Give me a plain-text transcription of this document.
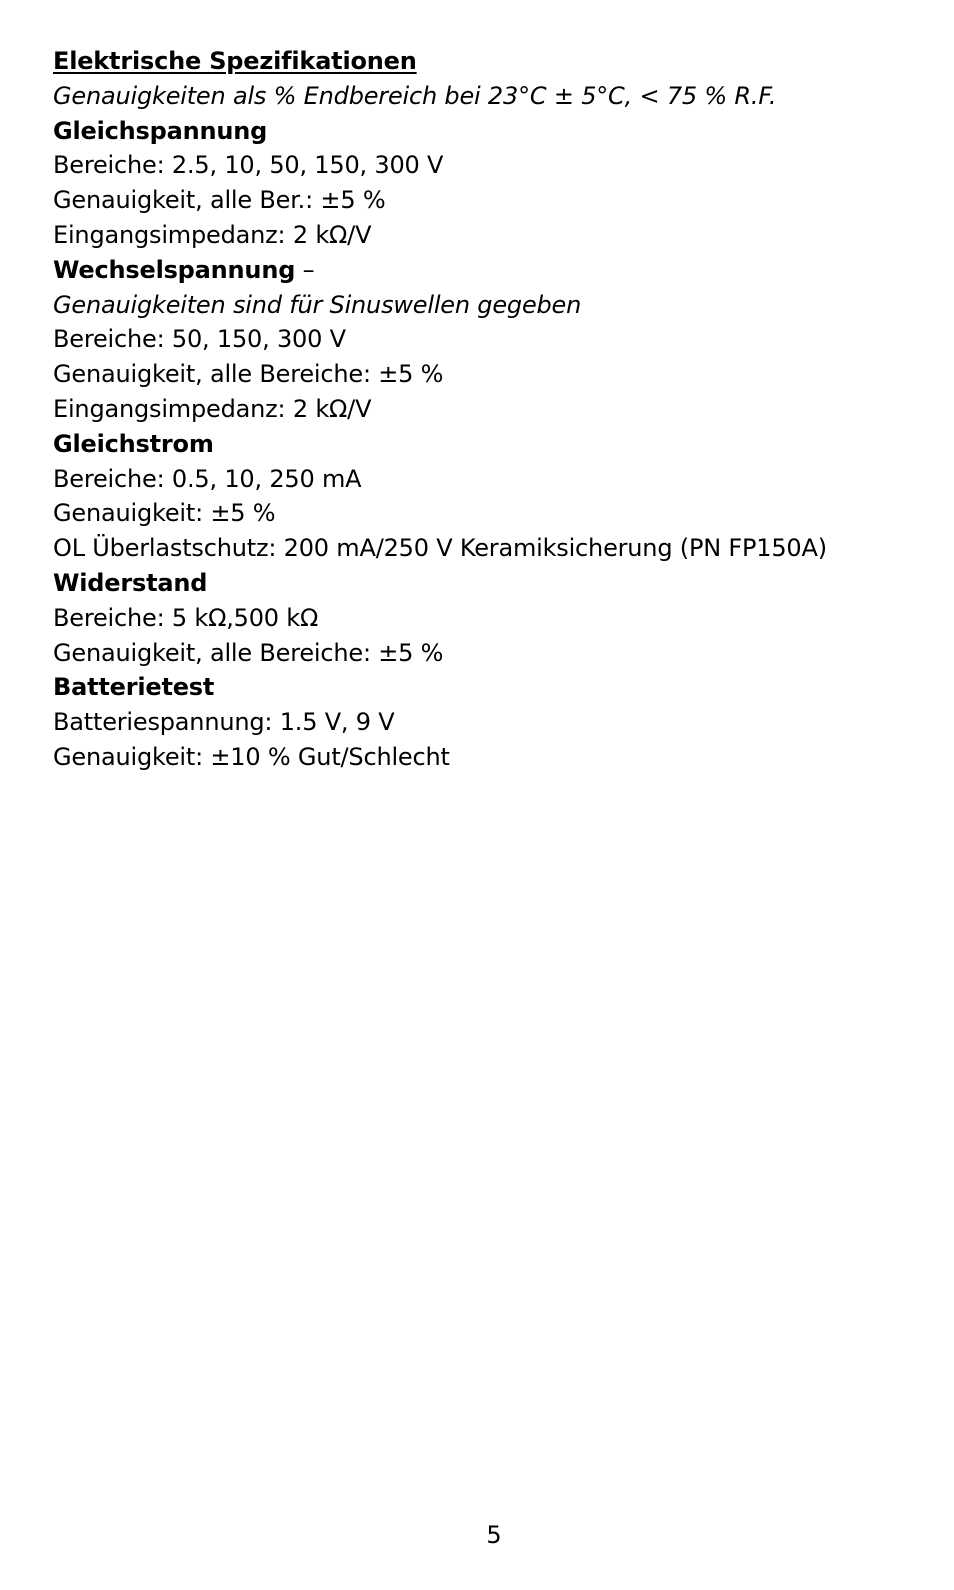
Elektrische Spezifikationen
Genauigkeiten als % Endbereich bei 23°C ± 5°C, < 75 % R.F.
Gleichspannung
Bereiche: 2.5, 10, 50, 150, 300 V
Genauigkeit, alle Ber.: ±5 %
Eingangsimpedanz: 2 kΩ/V
Wechselspannung –
Genauigkeiten sind für Sinuswellen gegeben
Bereiche: 50, 150, 300 V
Genauigkeit, alle Bereiche: ±5 %
Eingangsimpedanz: 2 kΩ/V
Gleichstrom
Bereiche: 0.5, 10, 250 mA
Genauigkeit: ±5 %
OL Überlastschutz: 200 mA/250 V Keramiksicherung (PN FP150A)
Widerstand
Bereiche: 5 kΩ,500 kΩ
Genauigkeit, alle Bereiche: ±5 %
Batterietest
Batteriespannung: 1.5 V, 9 V
Genauigkeit: ±10 % Gut/Schlecht
5
